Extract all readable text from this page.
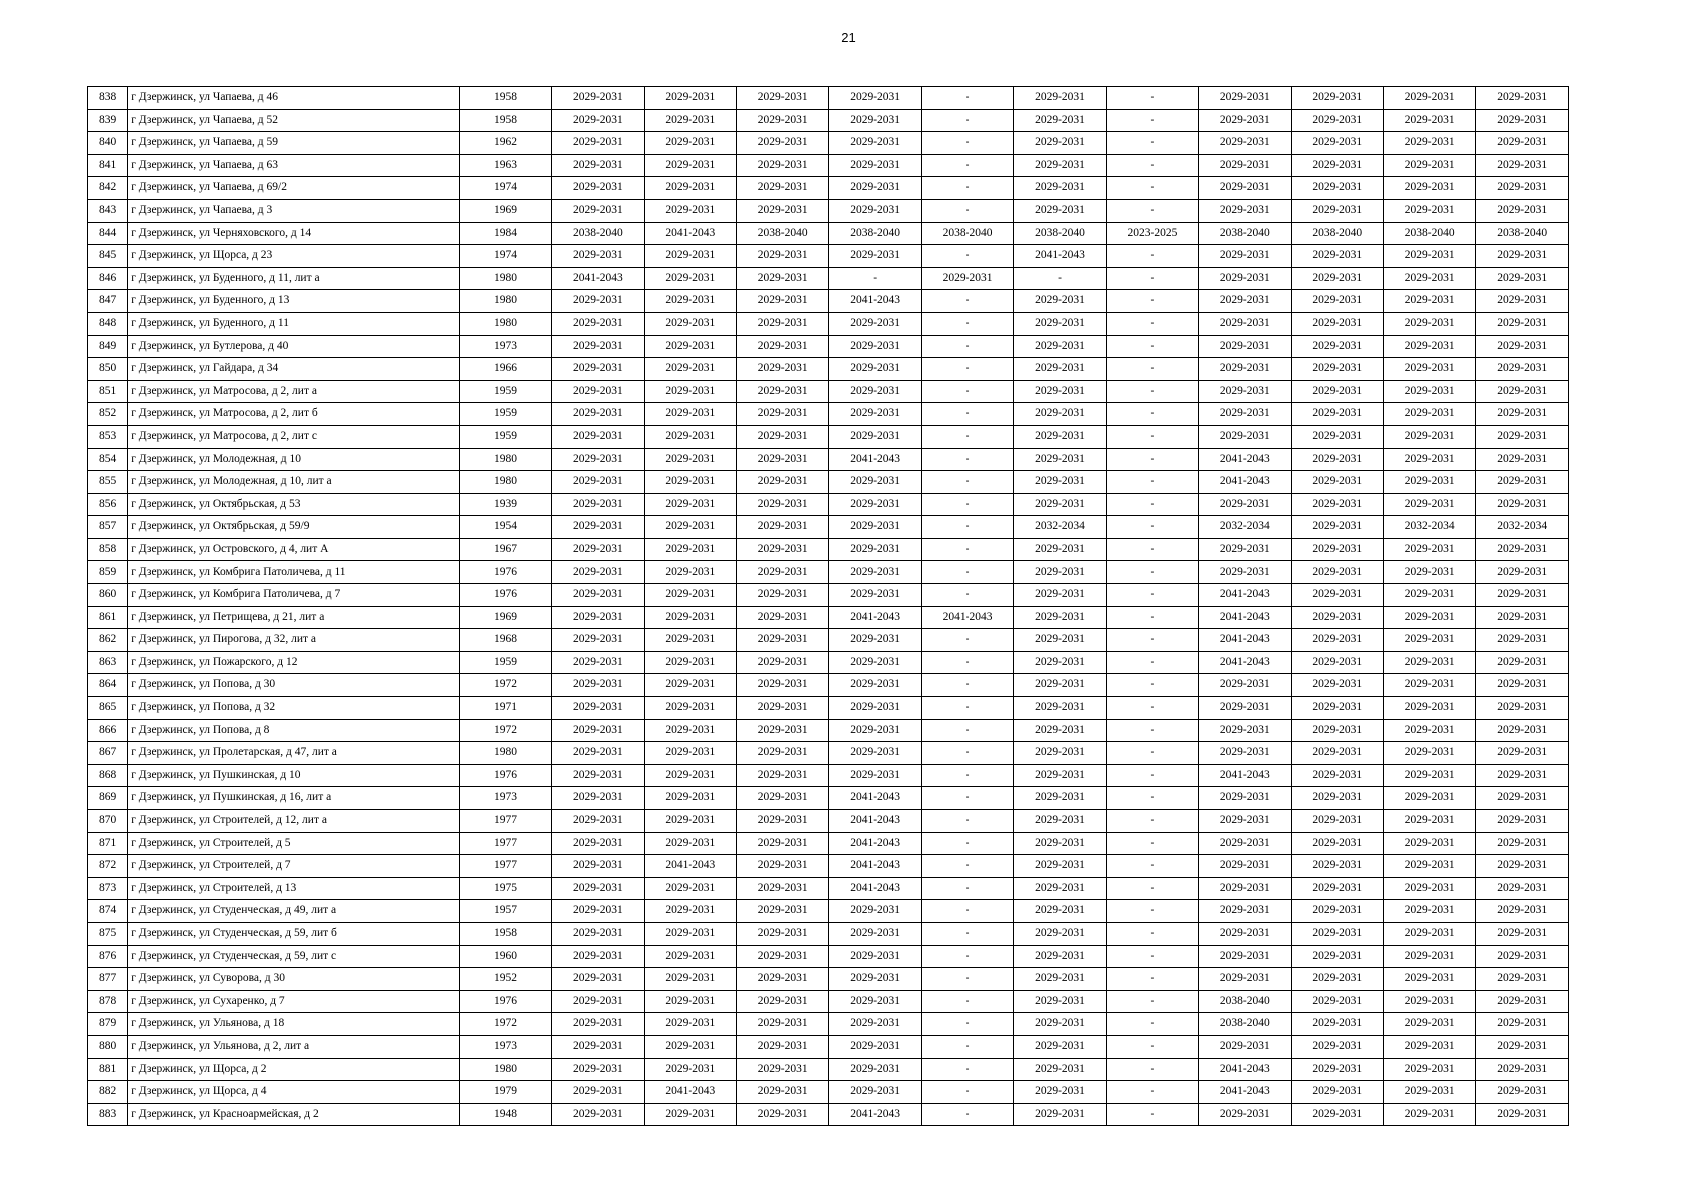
21
838	г Дзержинск, ул Чапаева, д 46	1958	2029-2031	2029-2031	2029-2031	2029-2031	-	2029-2031	-	2029-2031	2029-2031	2029-2031	2029-2031
839	г Дзержинск, ул Чапаева, д 52	1958	2029-2031	2029-2031	2029-2031	2029-2031	-	2029-2031	-	2029-2031	2029-2031	2029-2031	2029-2031
840	г Дзержинск, ул Чапаева, д 59	1962	2029-2031	2029-2031	2029-2031	2029-2031	-	2029-2031	-	2029-2031	2029-2031	2029-2031	2029-2031
841	г Дзержинск, ул Чапаева, д 63	1963	2029-2031	2029-2031	2029-2031	2029-2031	-	2029-2031	-	2029-2031	2029-2031	2029-2031	2029-2031
842	г Дзержинск, ул Чапаева, д 69/2	1974	2029-2031	2029-2031	2029-2031	2029-2031	-	2029-2031	-	2029-2031	2029-2031	2029-2031	2029-2031
843	г Дзержинск, ул Чапаева, д 3	1969	2029-2031	2029-2031	2029-2031	2029-2031	-	2029-2031	-	2029-2031	2029-2031	2029-2031	2029-2031
844	г Дзержинск, ул Черняховского, д 14	1984	2038-2040	2041-2043	2038-2040	2038-2040	2038-2040	2038-2040	2023-2025	2038-2040	2038-2040	2038-2040	2038-2040
845	г Дзержинск, ул Щорса, д 23	1974	2029-2031	2029-2031	2029-2031	2029-2031	-	2041-2043	-	2029-2031	2029-2031	2029-2031	2029-2031
846	г Дзержинск, ул Буденного, д 11, лит а	1980	2041-2043	2029-2031	2029-2031	-	2029-2031	-	-	2029-2031	2029-2031	2029-2031	2029-2031
847	г Дзержинск, ул Буденного, д 13	1980	2029-2031	2029-2031	2029-2031	2041-2043	-	2029-2031	-	2029-2031	2029-2031	2029-2031	2029-2031
848	г Дзержинск, ул Буденного, д 11	1980	2029-2031	2029-2031	2029-2031	2029-2031	-	2029-2031	-	2029-2031	2029-2031	2029-2031	2029-2031
849	г Дзержинск, ул Бутлерова, д 40	1973	2029-2031	2029-2031	2029-2031	2029-2031	-	2029-2031	-	2029-2031	2029-2031	2029-2031	2029-2031
850	г Дзержинск, ул Гайдара, д 34	1966	2029-2031	2029-2031	2029-2031	2029-2031	-	2029-2031	-	2029-2031	2029-2031	2029-2031	2029-2031
851	г Дзержинск, ул Матросова, д 2, лит а	1959	2029-2031	2029-2031	2029-2031	2029-2031	-	2029-2031	-	2029-2031	2029-2031	2029-2031	2029-2031
852	г Дзержинск, ул Матросова, д 2, лит б	1959	2029-2031	2029-2031	2029-2031	2029-2031	-	2029-2031	-	2029-2031	2029-2031	2029-2031	2029-2031
853	г Дзержинск, ул Матросова, д 2, лит с	1959	2029-2031	2029-2031	2029-2031	2029-2031	-	2029-2031	-	2029-2031	2029-2031	2029-2031	2029-2031
854	г Дзержинск, ул Молодежная, д 10	1980	2029-2031	2029-2031	2029-2031	2041-2043	-	2029-2031	-	2041-2043	2029-2031	2029-2031	2029-2031
855	г Дзержинск, ул Молодежная, д 10, лит а	1980	2029-2031	2029-2031	2029-2031	2029-2031	-	2029-2031	-	2041-2043	2029-2031	2029-2031	2029-2031
856	г Дзержинск, ул Октябрьская, д 53	1939	2029-2031	2029-2031	2029-2031	2029-2031	-	2029-2031	-	2029-2031	2029-2031	2029-2031	2029-2031
857	г Дзержинск, ул Октябрьская, д 59/9	1954	2029-2031	2029-2031	2029-2031	2029-2031	-	2032-2034	-	2032-2034	2029-2031	2032-2034	2032-2034
858	г Дзержинск, ул Островского, д 4, лит А	1967	2029-2031	2029-2031	2029-2031	2029-2031	-	2029-2031	-	2029-2031	2029-2031	2029-2031	2029-2031
859	г Дзержинск, ул Комбрига Патоличева, д 11	1976	2029-2031	2029-2031	2029-2031	2029-2031	-	2029-2031	-	2029-2031	2029-2031	2029-2031	2029-2031
860	г Дзержинск, ул Комбрига Патоличева, д 7	1976	2029-2031	2029-2031	2029-2031	2029-2031	-	2029-2031	-	2041-2043	2029-2031	2029-2031	2029-2031
861	г Дзержинск, ул Петрищева, д 21, лит а	1969	2029-2031	2029-2031	2029-2031	2041-2043	2041-2043	2029-2031	-	2041-2043	2029-2031	2029-2031	2029-2031
862	г Дзержинск, ул Пирогова, д 32, лит а	1968	2029-2031	2029-2031	2029-2031	2029-2031	-	2029-2031	-	2041-2043	2029-2031	2029-2031	2029-2031
863	г Дзержинск, ул Пожарского, д 12	1959	2029-2031	2029-2031	2029-2031	2029-2031	-	2029-2031	-	2041-2043	2029-2031	2029-2031	2029-2031
864	г Дзержинск, ул Попова, д 30	1972	2029-2031	2029-2031	2029-2031	2029-2031	-	2029-2031	-	2029-2031	2029-2031	2029-2031	2029-2031
865	г Дзержинск, ул Попова, д 32	1971	2029-2031	2029-2031	2029-2031	2029-2031	-	2029-2031	-	2029-2031	2029-2031	2029-2031	2029-2031
866	г Дзержинск, ул Попова, д 8	1972	2029-2031	2029-2031	2029-2031	2029-2031	-	2029-2031	-	2029-2031	2029-2031	2029-2031	2029-2031
867	г Дзержинск, ул Пролетарская, д 47, лит а	1980	2029-2031	2029-2031	2029-2031	2029-2031	-	2029-2031	-	2029-2031	2029-2031	2029-2031	2029-2031
868	г Дзержинск, ул Пушкинская, д 10	1976	2029-2031	2029-2031	2029-2031	2029-2031	-	2029-2031	-	2041-2043	2029-2031	2029-2031	2029-2031
869	г Дзержинск, ул Пушкинская, д 16, лит а	1973	2029-2031	2029-2031	2029-2031	2041-2043	-	2029-2031	-	2029-2031	2029-2031	2029-2031	2029-2031
870	г Дзержинск, ул Строителей, д 12, лит а	1977	2029-2031	2029-2031	2029-2031	2041-2043	-	2029-2031	-	2029-2031	2029-2031	2029-2031	2029-2031
871	г Дзержинск, ул Строителей, д 5	1977	2029-2031	2029-2031	2029-2031	2041-2043	-	2029-2031	-	2029-2031	2029-2031	2029-2031	2029-2031
872	г Дзержинск, ул Строителей, д 7	1977	2029-2031	2041-2043	2029-2031	2041-2043	-	2029-2031	-	2029-2031	2029-2031	2029-2031	2029-2031
873	г Дзержинск, ул Строителей, д 13	1975	2029-2031	2029-2031	2029-2031	2041-2043	-	2029-2031	-	2029-2031	2029-2031	2029-2031	2029-2031
874	г Дзержинск, ул Студенческая, д 49, лит а	1957	2029-2031	2029-2031	2029-2031	2029-2031	-	2029-2031	-	2029-2031	2029-2031	2029-2031	2029-2031
875	г Дзержинск, ул Студенческая, д 59, лит б	1958	2029-2031	2029-2031	2029-2031	2029-2031	-	2029-2031	-	2029-2031	2029-2031	2029-2031	2029-2031
876	г Дзержинск, ул Студенческая, д 59, лит с	1960	2029-2031	2029-2031	2029-2031	2029-2031	-	2029-2031	-	2029-2031	2029-2031	2029-2031	2029-2031
877	г Дзержинск, ул Суворова, д 30	1952	2029-2031	2029-2031	2029-2031	2029-2031	-	2029-2031	-	2029-2031	2029-2031	2029-2031	2029-2031
878	г Дзержинск, ул Сухаренко, д 7	1976	2029-2031	2029-2031	2029-2031	2029-2031	-	2029-2031	-	2038-2040	2029-2031	2029-2031	2029-2031
879	г Дзержинск, ул Ульянова, д 18	1972	2029-2031	2029-2031	2029-2031	2029-2031	-	2029-2031	-	2038-2040	2029-2031	2029-2031	2029-2031
880	г Дзержинск, ул Ульянова, д 2, лит а	1973	2029-2031	2029-2031	2029-2031	2029-2031	-	2029-2031	-	2029-2031	2029-2031	2029-2031	2029-2031
881	г Дзержинск, ул Щорса, д 2	1980	2029-2031	2029-2031	2029-2031	2029-2031	-	2029-2031	-	2041-2043	2029-2031	2029-2031	2029-2031
882	г Дзержинск, ул Щорса, д 4	1979	2029-2031	2041-2043	2029-2031	2029-2031	-	2029-2031	-	2041-2043	2029-2031	2029-2031	2029-2031
883	г Дзержинск, ул Красноармейская, д 2	1948	2029-2031	2029-2031	2029-2031	2041-2043	-	2029-2031	-	2029-2031	2029-2031	2029-2031	2029-2031
